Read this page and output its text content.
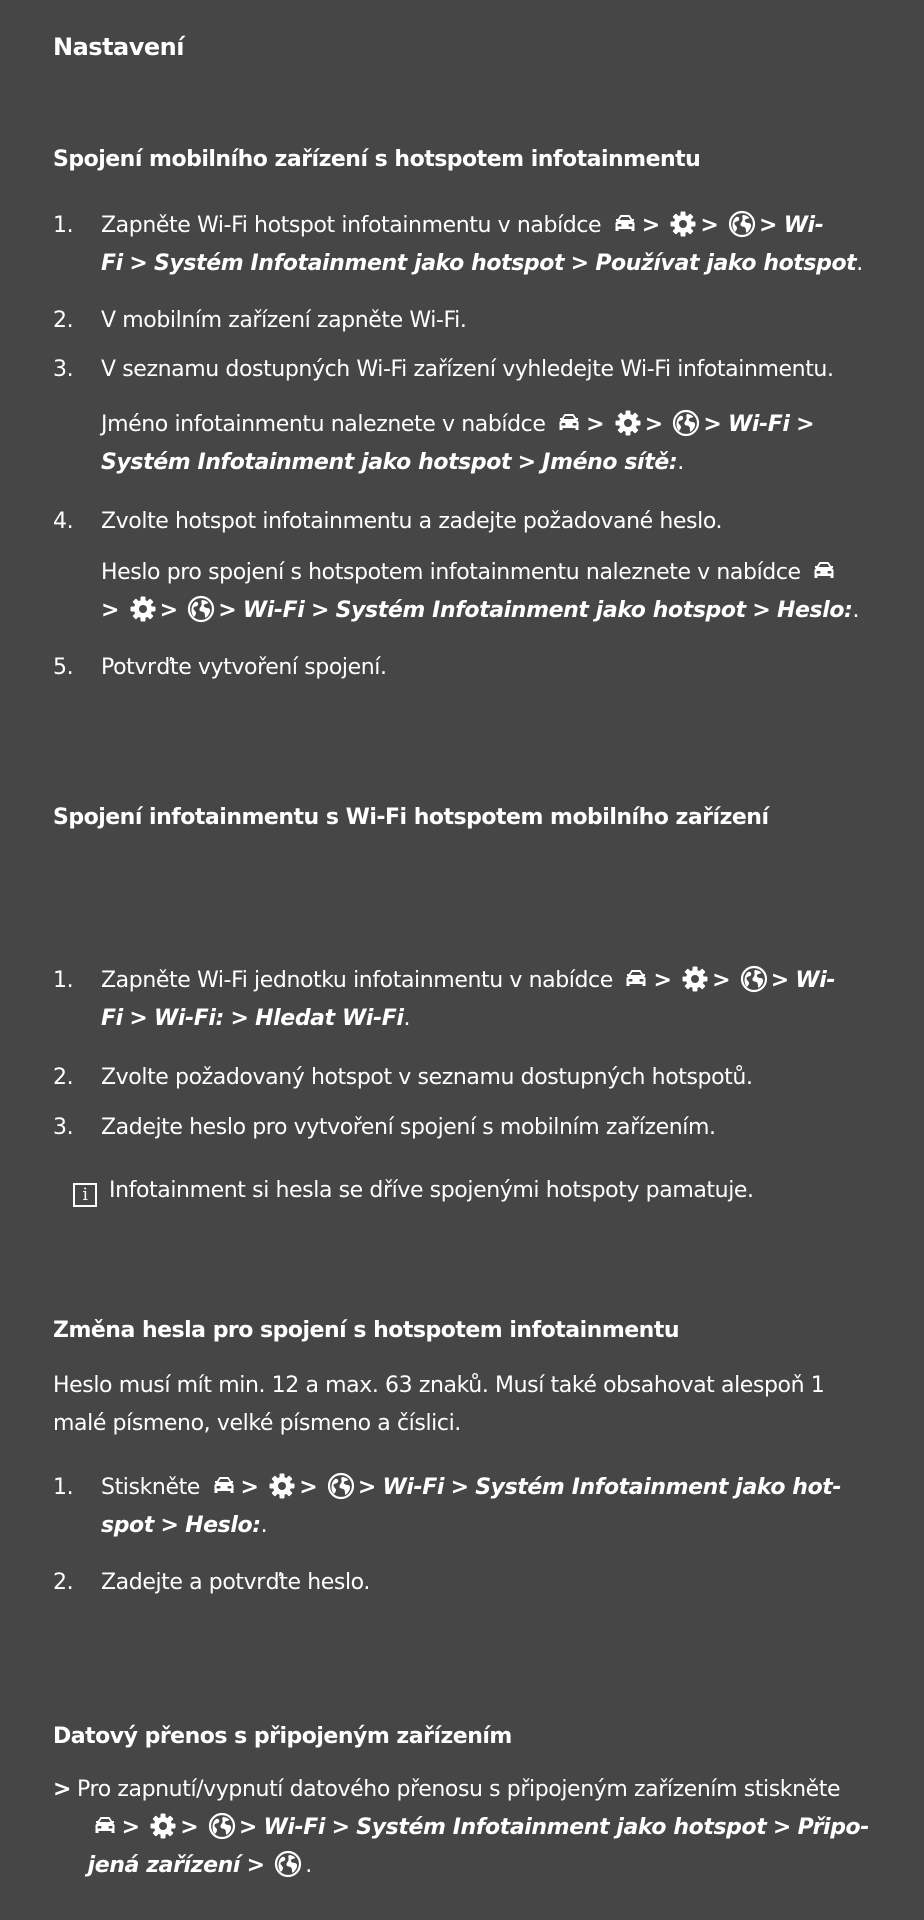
Nastavení
Spojení mobilního zařízení s hotspotem infotainmentu
1.	Zapněte Wi-Fi hotspot infotainmentu v nabídce > > > Wi-
Fi > Systém Infotainment jako hotspot > Používat jako hotspot.
2.	V mobilním zařízení zapněte Wi-Fi.
3.	V seznamu dostupných Wi-Fi zařízení vyhledejte Wi-Fi infotainmentu.
Jméno infotainmentu naleznete v nabídce > > > Wi-Fi >
Systém Infotainment jako hotspot > Jméno sítě:.
4.	Zvolte hotspot infotainmentu a zadejte požadované heslo.
Heslo pro spojení s hotspotem infotainmentu naleznete v nabídce

> > > Wi-Fi > Systém Infotainment jako hotspot > Heslo:.
5.	Potvrďte vytvoření spojení.
Spojení infotainmentu s Wi-Fi hotspotem mobilního zařízení
1.	Zapněte Wi-Fi jednotku infotainmentu v nabídce > > > Wi-
Fi > Wi-Fi: > Hledat Wi-Fi.
2.	Zvolte požadovaný hotspot v seznamu dostupných hotspotů.
3.	Zadejte heslo pro vytvoření spojení s mobilním zařízením.
i Infotainment si hesla se dříve spojenými hotspoty pamatuje.
Změna hesla pro spojení s hotspotem infotainmentu
Heslo musí mít min. 12 a max. 63 znaků. Musí také obsahovat alespoň 1 malé písmeno, velké písmeno a číslici.
1.	Stiskněte > > > Wi-Fi > Systém Infotainment jako hot-
spot > Heslo:.
2.	Zadejte a potvrďte heslo.
Datový přenos s připojeným zařízením
> Pro zapnutí/vypnutí datového přenosu s připojeným zařízením stiskněte

> > > Wi-Fi > Systém Infotainment jako hotspot > Připo-
jená zařízení > .
